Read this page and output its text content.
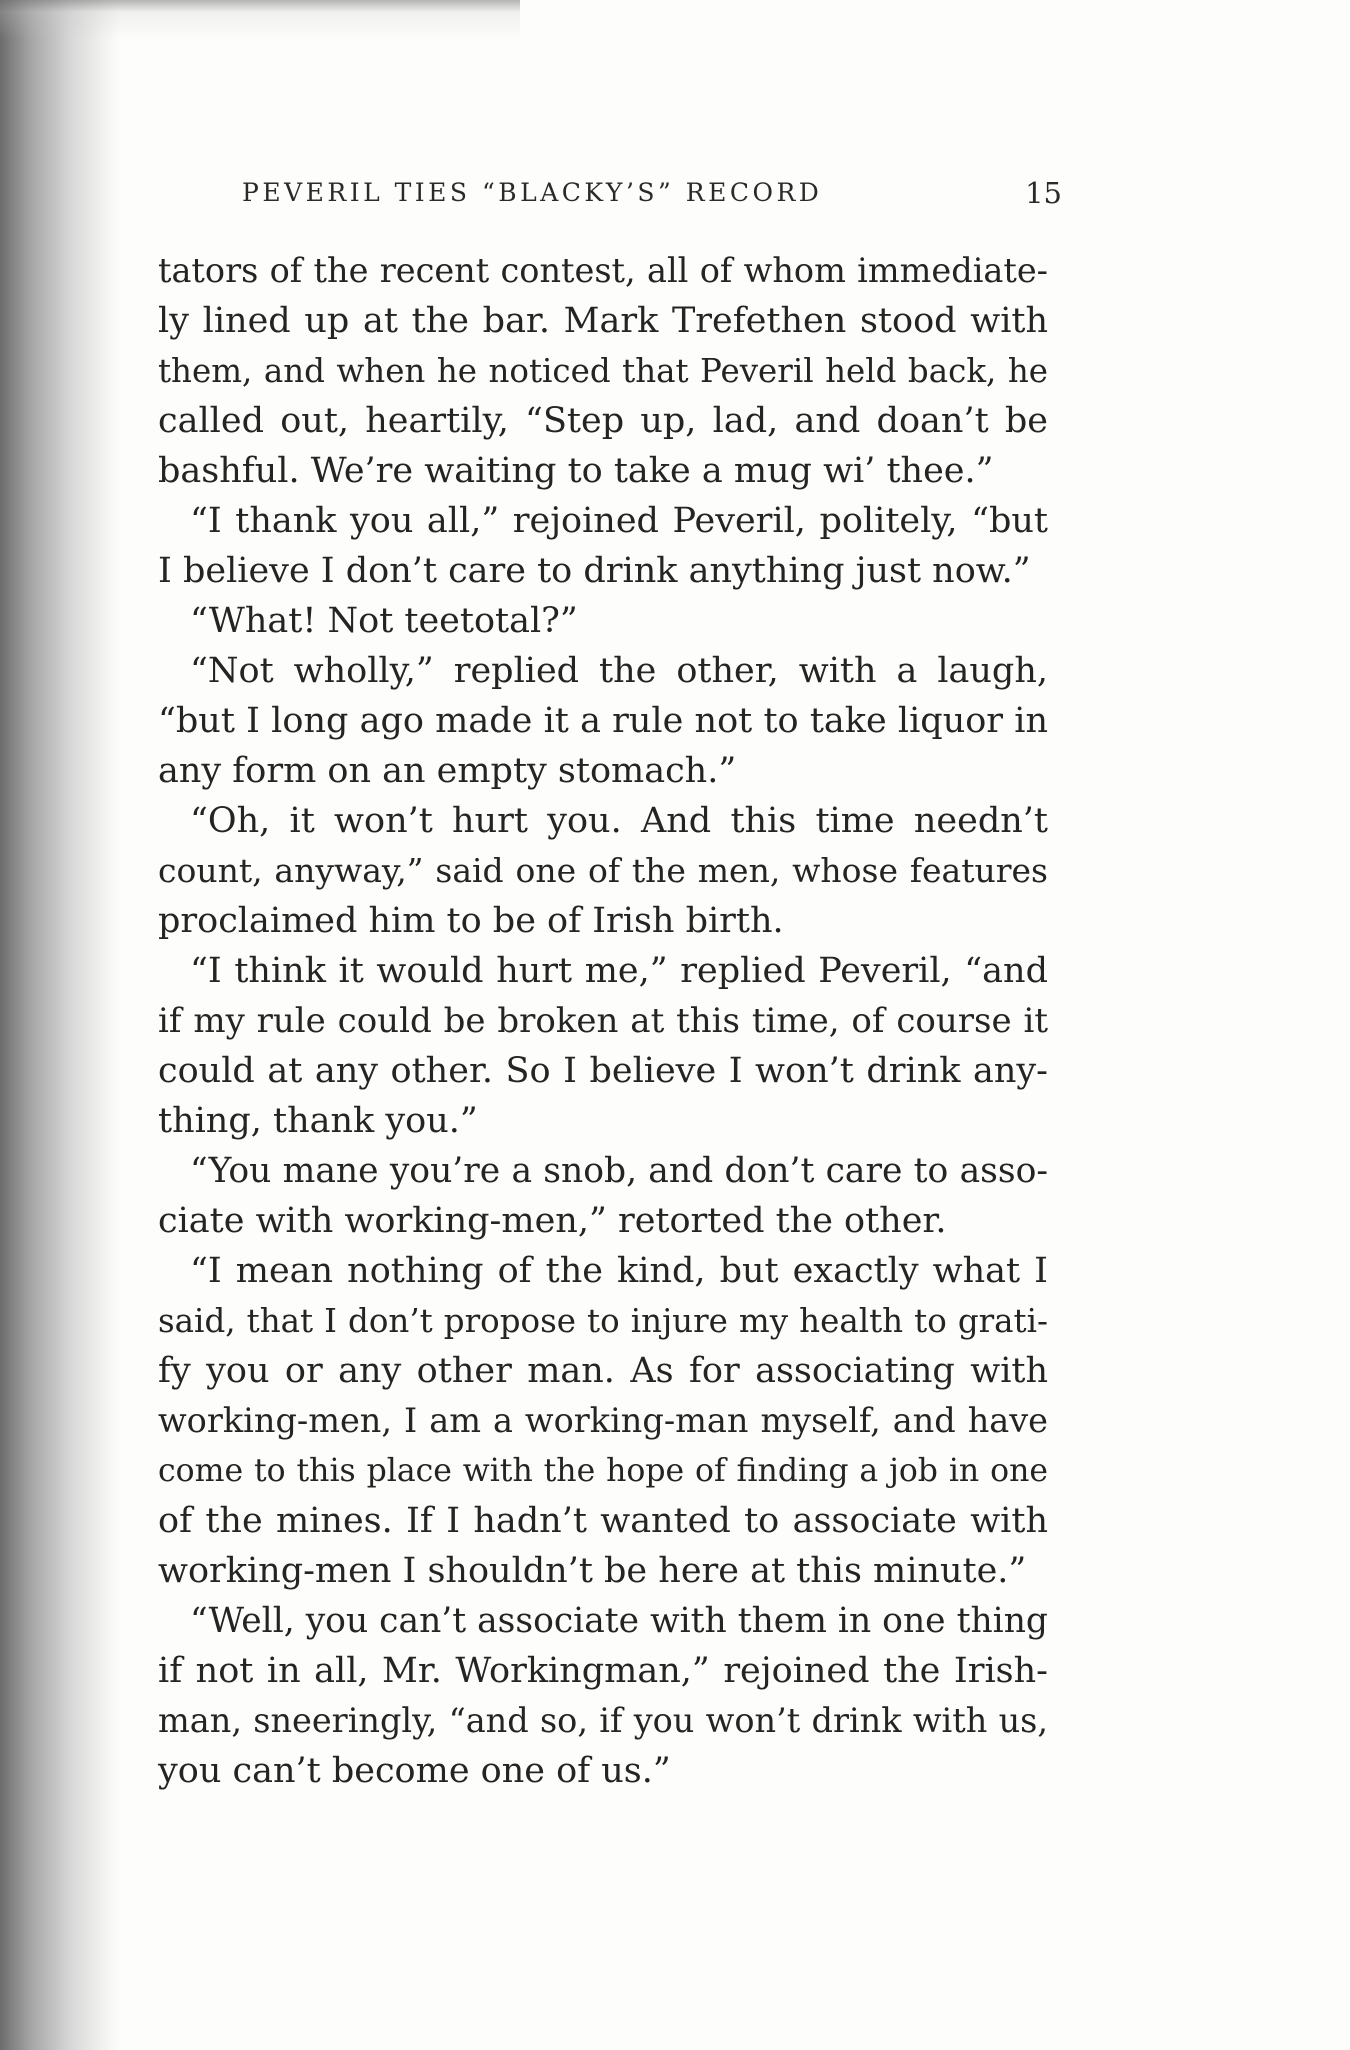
PEVERIL TIES “BLACKY’S” RECORD	15
tators of the recent contest, all of whom immediate-
ly lined up at the bar. Mark Trefethen stood with
them, and when he noticed that Peveril held back, he
called out, heartily, “Step up, lad, and doan’t be
bashful. We’re waiting to take a mug wi’ thee.”
“I thank you all,” rejoined Peveril, politely, “but
I believe I don’t care to drink anything just now.”
“What! Not teetotal?”
“Not wholly,” replied the other, with a laugh,
“but I long ago made it a rule not to take liquor in
any form on an empty stomach.”
“Oh, it won’t hurt you. And this time needn’t
count, anyway,” said one of the men, whose features
proclaimed him to be of Irish birth.
“I think it would hurt me,” replied Peveril, “and
if my rule could be broken at this time, of course it
could at any other. So I believe I won’t drink any-
thing, thank you.”
“You mane you’re a snob, and don’t care to asso-
ciate with working-men,” retorted the other.
“I mean nothing of the kind, but exactly what I
said, that I don’t propose to injure my health to grati-
fy you or any other man. As for associating with
working-men, I am a working-man myself, and have
come to this place with the hope of finding a job in one
of the mines. If I hadn’t wanted to associate with
working-men I shouldn’t be here at this minute.”
“Well, you can’t associate with them in one thing
if not in all, Mr. Workingman,” rejoined the Irish-
man, sneeringly, “and so, if you won’t drink with us,
you can’t become one of us.”
